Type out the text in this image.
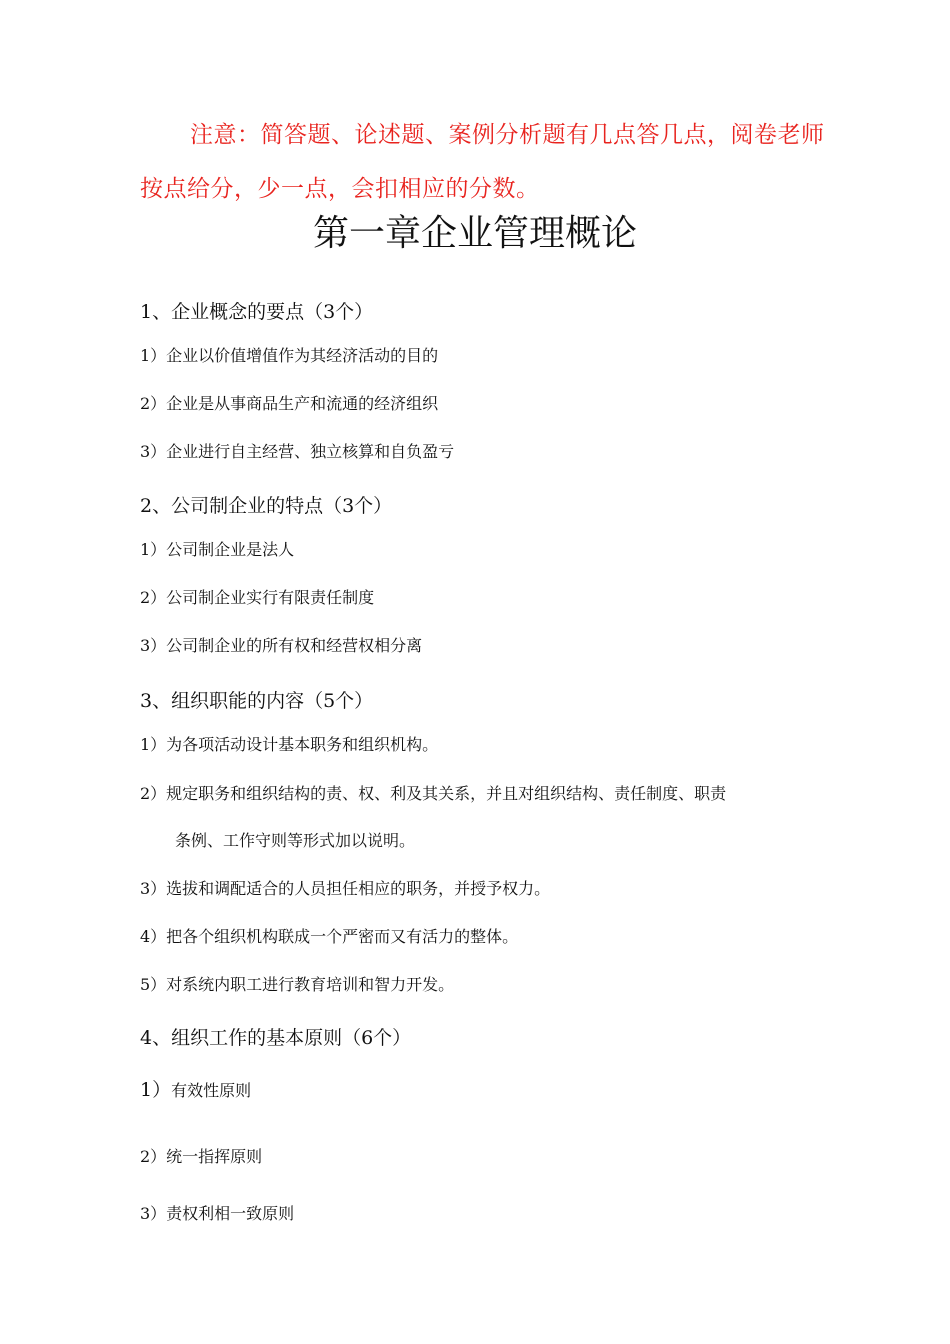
注意：简答题、论述题、案例分析题有几点答几点，阅卷老师按点给分，少一点，会扣相应的分数。

第一章企业管理概论
1、企业概念的要点（3个）

1）企业以价值增值作为其经济活动的目的

2）企业是从事商品生产和流通的经济组织

3）企业进行自主经营、独立核算和自负盈亏

2、公司制企业的特点（3个）

1）公司制企业是法人

2）公司制企业实行有限责任制度

3）公司制企业的所有权和经营权相分离

3、组织职能的内容（5个）

1）为各项活动设计基本职务和组织机构。

2）规定职务和组织结构的责、权、利及其关系，并且对组织结构、责任制度、职责

条例、工作守则等形式加以说明。

3）选拔和调配适合的人员担任相应的职务，并授予权力。

4）把各个组织机构联成一个严密而又有活力的整体。

5）对系统内职工进行教育培训和智力开发。

4、组织工作的基本原则（6个）

1）有效性原则

2）统一指挥原则

3）责权利相一致原则
